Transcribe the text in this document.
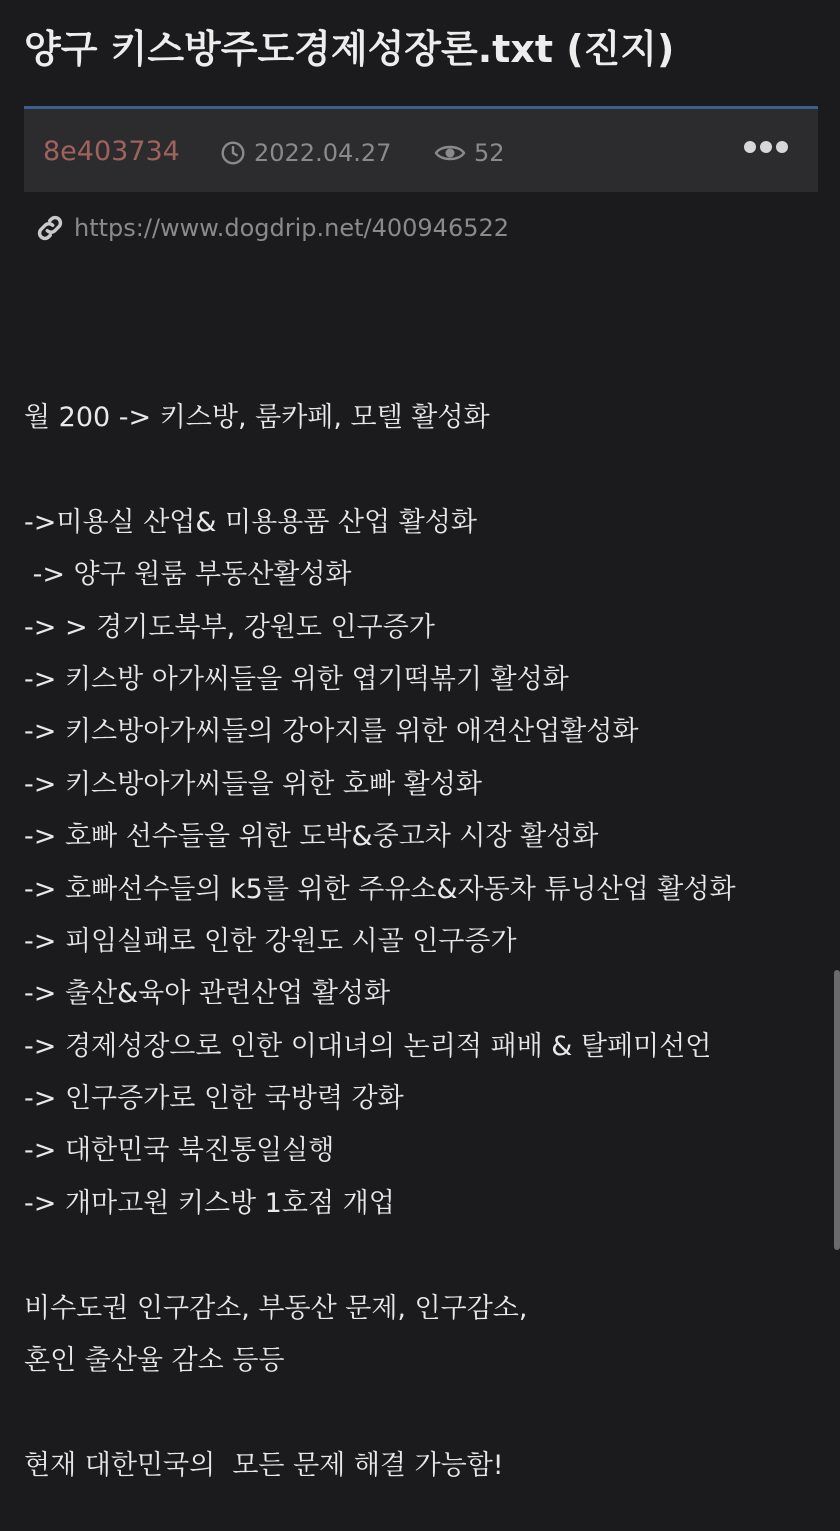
양구 키스방주도경제성장론.txt (진지)
8e403734	2022.04.27	52
https://www.dogdrip.net/400946522
월 200 -> 키스방, 룸카페, 모텔 활성화
->미용실 산업& 미용용품 산업 활성화
-> 양구 원룸 부동산활성화
-> > 경기도북부, 강원도 인구증가
-> 키스방 아가씨들을 위한 엽기떡볶기 활성화
-> 키스방아가씨들의 강아지를 위한 애견산업활성화
-> 키스방아가씨들을 위한 호빠 활성화
-> 호빠 선수들을 위한 도박&중고차 시장 활성화
-> 호빠선수들의 k5를 위한 주유소&자동차 튜닝산업 활성화
-> 피임실패로 인한 강원도 시골 인구증가
-> 출산&육아 관련산업 활성화
-> 경제성장으로 인한 이대녀의 논리적 패배 & 탈페미선언
-> 인구증가로 인한 국방력 강화
-> 대한민국 북진통일실행
-> 개마고원 키스방 1호점 개업
비수도권 인구감소, 부동산 문제, 인구감소,
혼인 출산율 감소 등등
현재 대한민국의  모든 문제 해결 가능함!
